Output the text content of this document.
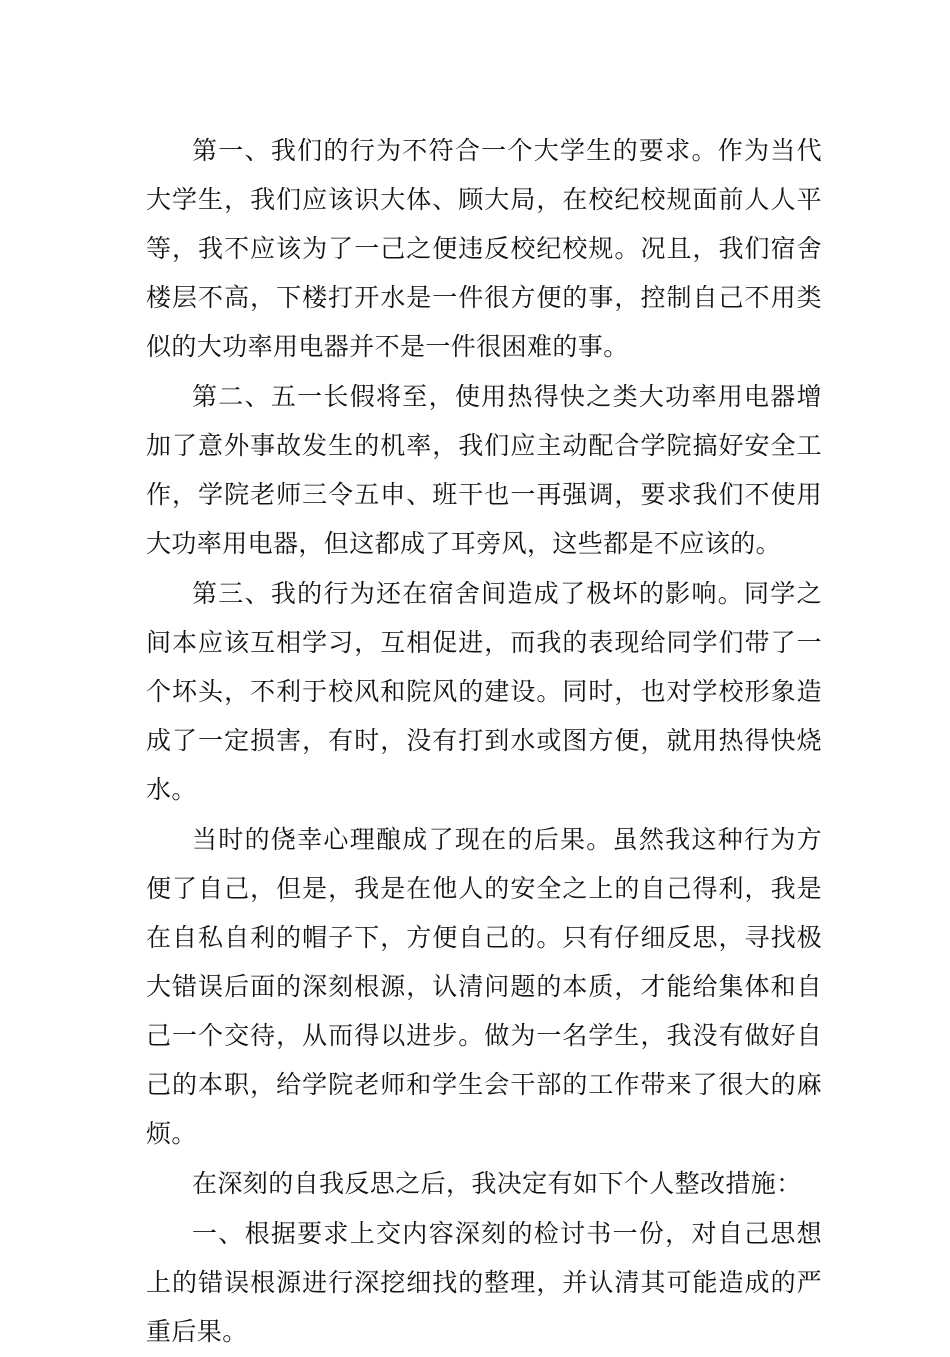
第一、我们的行为不符合一个大学生的要求。作为当代大学生，我们应该识大体、顾大局，在校纪校规面前人人平等，我不应该为了一己之便违反校纪校规。况且，我们宿舍楼层不高，下楼打开水是一件很方便的事，控制自己不用类似的大功率用电器并不是一件很困难的事。

第二、五一长假将至，使用热得快之类大功率用电器增加了意外事故发生的机率，我们应主动配合学院搞好安全工作，学院老师三令五申、班干也一再强调，要求我们不使用大功率用电器，但这都成了耳旁风，这些都是不应该的。

第三、我的行为还在宿舍间造成了极坏的影响。同学之间本应该互相学习，互相促进，而我的表现给同学们带了一个坏头，不利于校风和院风的建设。同时，也对学校形象造成了一定损害，有时，没有打到水或图方便，就用热得快烧水。

当时的侥幸心理酿成了现在的后果。虽然我这种行为方便了自己，但是，我是在他人的安全之上的自己得利，我是在自私自利的帽子下，方便自己的。只有仔细反思，寻找极大错误后面的深刻根源，认清问题的本质，才能给集体和自己一个交待，从而得以进步。做为一名学生，我没有做好自己的本职，给学院老师和学生会干部的工作带来了很大的麻烦。

在深刻的自我反思之后，我决定有如下个人整改措施：

一、根据要求上交内容深刻的检讨书一份，对自己思想上的错误根源进行深挖细找的整理，并认清其可能造成的严重后果。
